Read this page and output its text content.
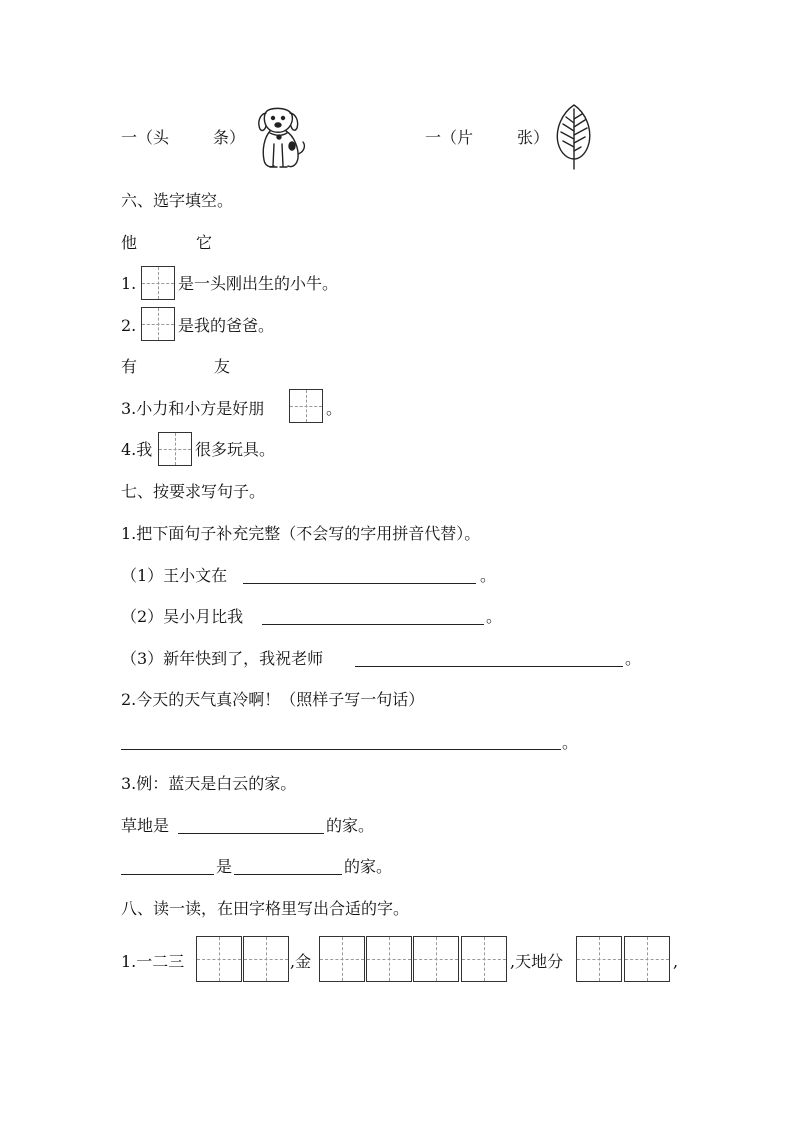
一（头	条）	一（片	张）
六、选字填空。
他	它
1.	是一头刚出生的小牛。
2.	是我的爸爸。
有	友
3.小力和小方是好朋	。
4.我	很多玩具。
七、按要求写句子。
1.把下面句子补充完整（不会写的字用拼音代替）。
（1）王小文在	。
（2）吴小月比我	。
（3）新年快到了，我祝老师	。
2.今天的天气真冷啊！（照样子写一句话）
。
3.例：蓝天是白云的家。
草地是	的家。
是	的家。
八、读一读，在田字格里写出合适的字。
1.一二三	,金	,天地分	,
